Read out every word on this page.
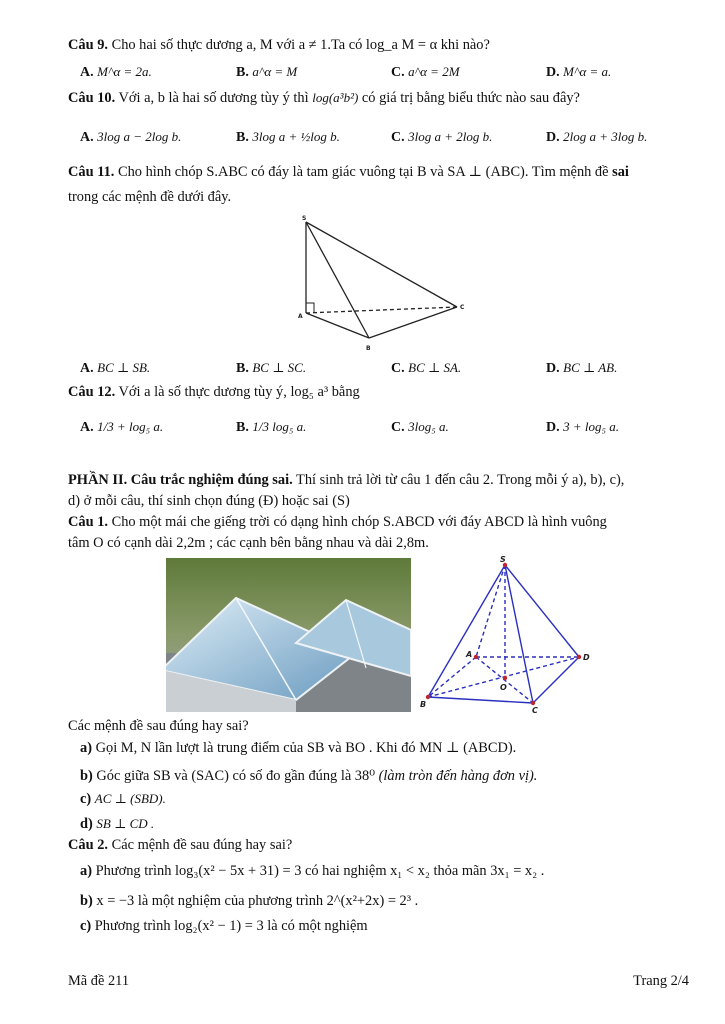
Câu 9. Cho hai số thực dương a, M với a ≠ 1.Ta có log_a M = α khi nào?
A. M^α = 2a.	B. a^α = M	C. a^α = 2M	D. M^α = a.
Câu 10. Với a, b là hai số dương tùy ý thì log(a³b²) có giá trị bằng biểu thức nào sau đây?
A. 3log a − 2log b.	B. 3log a + ½log b.	C. 3log a + 2log b.	D. 2log a + 3log b.
Câu 11. Cho hình chóp S.ABC có đáy là tam giác vuông tại B và SA ⊥ (ABC). Tìm mệnh đề sai
trong các mệnh đề dưới đây.
S
A
B
C
A. BC ⊥ SB.	B. BC ⊥ SC.	C. BC ⊥ SA.	D. BC ⊥ AB.
Câu 12. Với a là số thực dương tùy ý, log₅ a³ bằng
A. 1/3 + log₅ a.	B. 1/3 log₅ a.	C. 3log₅ a.	D. 3 + log₅ a.
PHẦN II. Câu trắc nghiệm đúng sai. Thí sinh trả lời từ câu 1 đến câu 2. Trong mỗi ý a), b), c),
d) ở mỗi câu, thí sinh chọn đúng (Đ) hoặc sai (S)
Câu 1. Cho một mái che giếng trời có dạng hình chóp S.ABCD với đáy ABCD là hình vuông
tâm O có cạnh dài 2,2m ; các cạnh bên bằng nhau và dài 2,8m.
S
A	D
B
C
O
Các mệnh đề sau đúng hay sai?
a) Gọi M, N lần lượt là trung điểm của SB và BO . Khi đó MN ⊥ (ABCD).
b) Góc giữa SB và (SAC) có số đo gần đúng là 38⁰ (làm tròn đến hàng đơn vị).
c) AC ⊥ (SBD).
d) SB ⊥ CD .
Câu 2. Các mệnh đề sau đúng hay sai?
a) Phương trình log₃(x² − 5x + 31) = 3 có hai nghiệm x₁ < x₂ thỏa mãn 3x₁ = x₂ .
b) x = −3 là một nghiệm của phương trình 2^(x²+2x) = 2³ .
c) Phương trình log₂(x² − 1) = 3 là có một nghiệm
Mã đề 211	Trang 2/4
